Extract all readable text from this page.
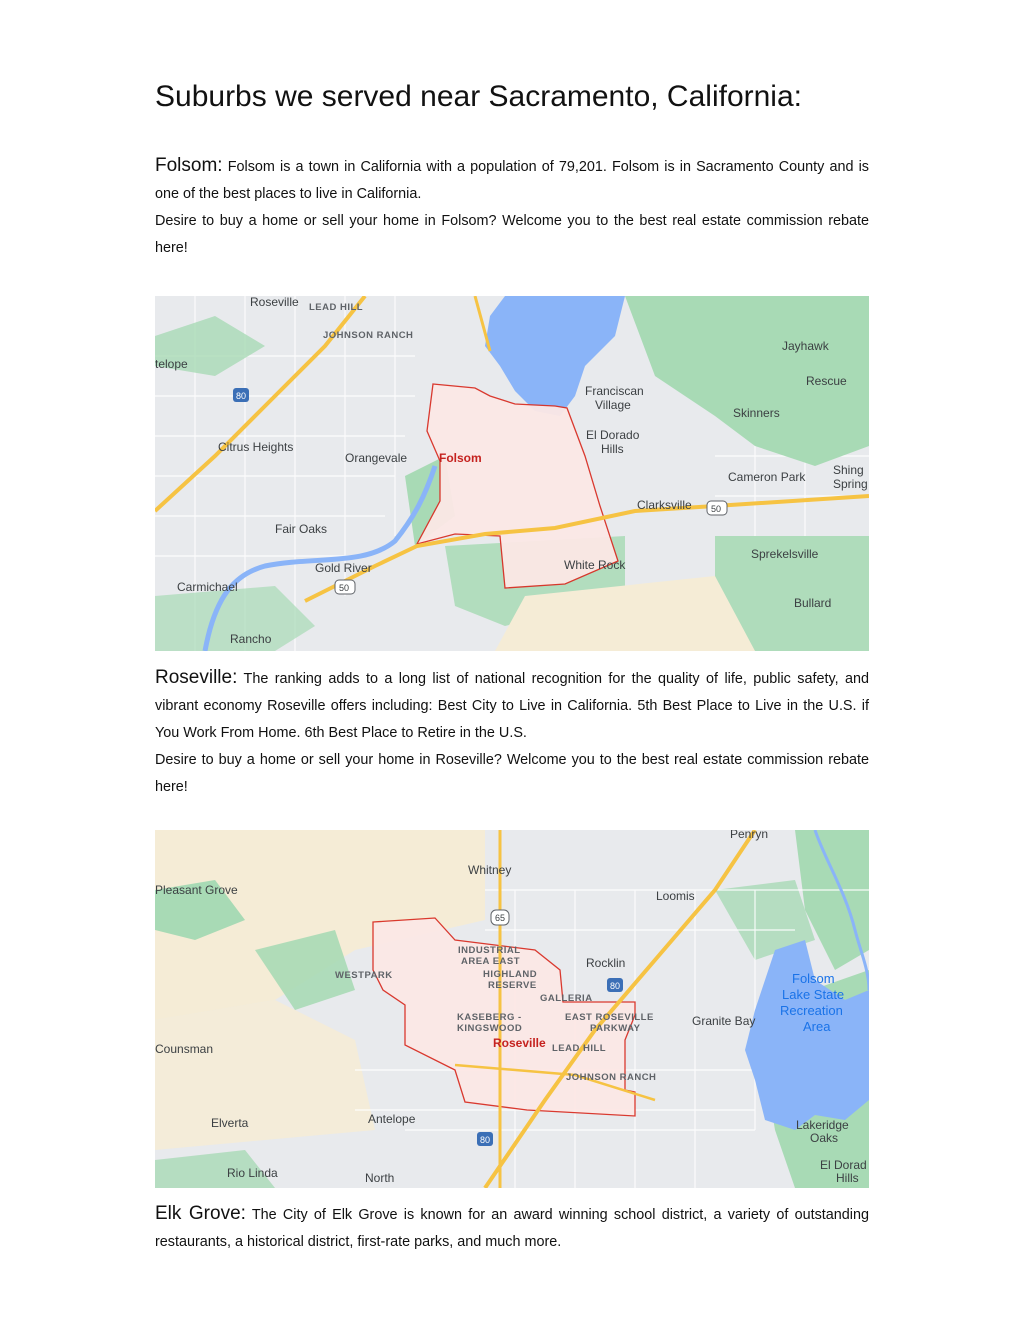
Suburbs we served near Sacramento, California:

Folsom: Folsom is a town in California with a population of 79,201. Folsom is in Sacramento County and is one of the best places to live in California.
Desire to buy a home or sell your home in Folsom? Welcome you to the best real estate commission rebate here!

Roseville LEAD HILL
JOHNSON RANCH
telope
Citrus Heights
Orangevale	Folsom
Fair Oaks
Gold River
Carmichael
Rancho
Jayhawk
Rescue
Franciscan
Village
Skinners
El Dorado
Hills
Cameron Park Shing
Spring
Clarksville
Sprekelsville
White Rock
Bullard
80
50
50

Roseville: The ranking adds to a long list of national recognition for the quality of life, public safety, and vibrant economy Roseville offers including: Best City to Live in California. 5th Best Place to Live in the U.S. if You Work From Home. 6th Best Place to Retire in the U.S.
Desire to buy a home or sell your home in Roseville? Welcome you to the best real estate commission rebate here!

Penryn
Whitney
Loomis
Pleasant Grove
65
INDUSTRIAL
AREA EAST
HIGHLAND
RESERVE
WESTPARK
GALLERIA
Rocklin
80
KASEBERG -
KINGSWOOD
EAST ROSEVILLE
PARKWAY
Granite Bay
Folsom
Lake State
Recreation
Area
Counsman	Roseville LEAD HILL
JOHNSON RANCH
Elverta	Antelope
80
Lakeridge
Oaks
Rio Linda	North
El Dorad
Hills

Elk Grove: The City of Elk Grove is known for an award winning school district, a variety of outstanding restaurants, a historical district, first-rate parks, and much more.
